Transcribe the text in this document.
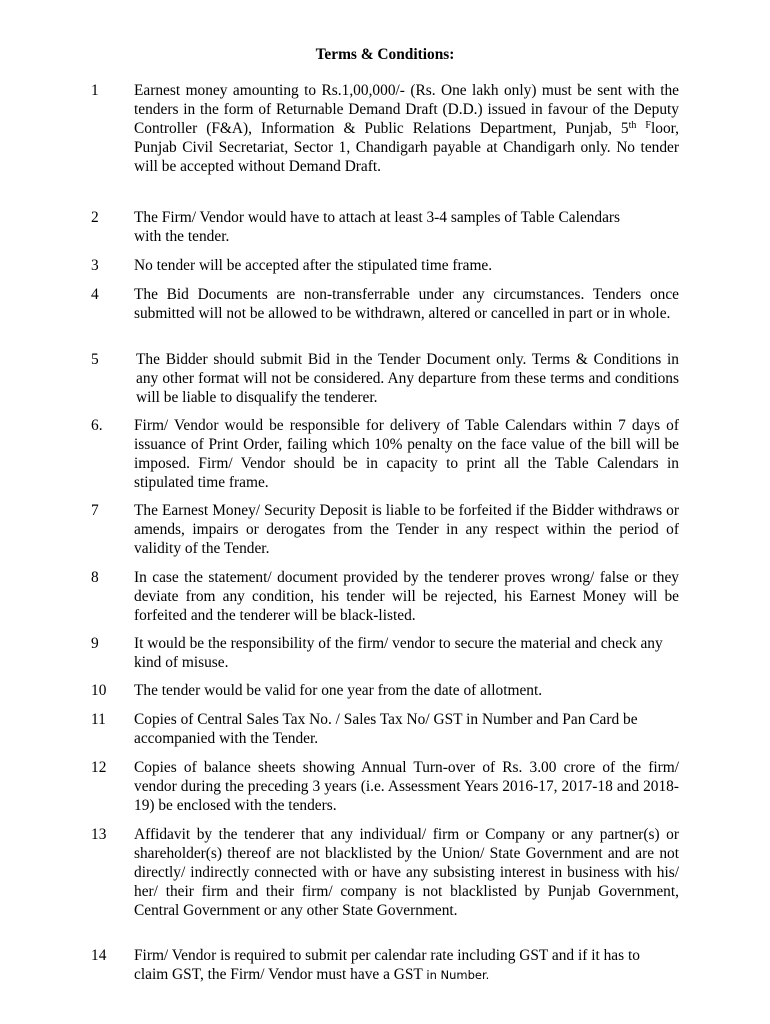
Terms & Conditions:
1	Earnest money amounting to Rs.1,00,000/- (Rs. One lakh only) must be sent with the tenders in the form of Returnable Demand Draft (D.D.) issued in favour of the Deputy Controller (F&A), Information & Public Relations Department, Punjab, 5th $^F$loor, Punjab Civil Secretariat, Sector 1, Chandigarh payable at Chandigarh only. No tender will be accepted without Demand Draft.
2	The Firm/ Vendor would have to attach at least 3-4 samples of Table Calendars with the tender.
3	No tender will be accepted after the stipulated time frame.
4	The Bid Documents are non-transferrable under any circumstances. Tenders once submitted will not be allowed to be withdrawn, altered or cancelled in part or in whole.
5	The Bidder should submit Bid in the Tender Document only. Terms & Conditions in any other format will not be considered. Any departure from these terms and conditions will be liable to disqualify the tenderer.
6.	Firm/ Vendor would be responsible for delivery of Table Calendars within 7 days of issuance of Print Order, failing which 10% penalty on the face value of the bill will be imposed. Firm/ Vendor should be in capacity to print all the Table Calendars in stipulated time frame.
7	The Earnest Money/ Security Deposit is liable to be forfeited if the Bidder withdraws or amends, impairs or derogates from the Tender in any respect within the period of validity of the Tender.
8	In case the statement/ document provided by the tenderer proves wrong/ false or they deviate from any condition, his tender will be rejected, his Earnest Money will be forfeited and the tenderer will be black-listed.
9	It would be the responsibility of the firm/ vendor to secure the material and check any kind of misuse.
10	The tender would be valid for one year from the date of allotment.
11	Copies of Central Sales Tax No. / Sales Tax No/ GST in Number and Pan Card be accompanied with the Tender.
12	Copies of balance sheets showing Annual Turn-over of Rs. 3.00 crore of the firm/ vendor during the preceding 3 years (i.e. Assessment Years 2016-17, 2017-18 and 2018-19) be enclosed with the tenders.
13	Affidavit by the tenderer that any individual/ firm or Company or any partner(s) or shareholder(s) thereof are not blacklisted by the Union/ State Government and are not directly/ indirectly connected with or have any subsisting interest in business with his/ her/ their firm and their firm/ company is not blacklisted by Punjab Government, Central Government or any other State Government.
14	Firm/ Vendor is required to submit per calendar rate including GST and if it has to claim GST, the Firm/ Vendor must have a GST in Number.
